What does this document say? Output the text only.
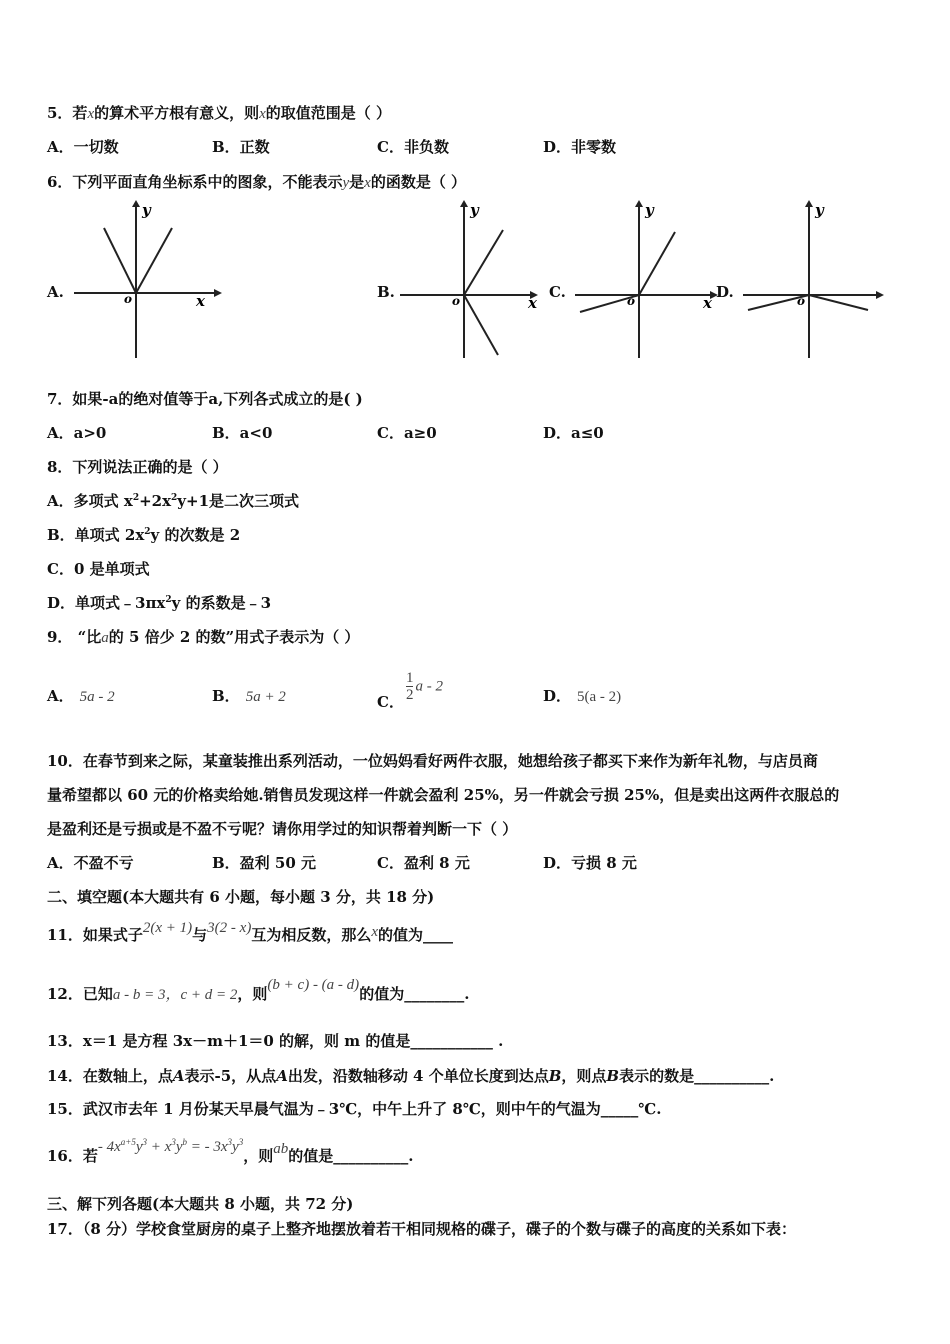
5．若x的算术平方根有意义，则x的取值范围是（ ）
A．一切数	B．正数	C．非负数	D．非零数
6．下列平面直角坐标系中的图象，不能表示y是x的函数是（ ）
A.	x
y
o	B.
x
y
o	C.
x
y
o	D.
y
o
7．如果-a的绝对值等于a,下列各式成立的是( )
A．a>0	B．a<0	C．a≥0	D．a≤0
8．下列说法正确的是（ ）
A．多项式 $x^2+2x^2y+1$是二次三项式
B．单项式 $2x^2y$ 的次数是 2
C．0 是单项式
D．单项式$﹣3\pi x^2y$ 的系数是﹣3
9． “比a的 5 倍少 2 的数”用式子表示为（ ）
A． 5a - 2	B． 5a + 2	C． $\frac{1}{2}$ a - 2
D． 5(a - 2)
10．在春节到来之际，某童装推出系列活动，一位妈妈看好两件衣服，她想给孩子都买下来作为新年礼物，与店员商
量希望都以 60 元的价格卖给她.销售员发现这样一件就会盈利 25%，另一件就会亏损 25%，但是卖出这两件衣服总的
是盈利还是亏损或是不盈不亏呢？请你用学过的知识帮着判断一下（ ）
A．不盈不亏	B．盈利 50 元	C．盈利 8 元	D．亏损 8 元
二、填空题(本大题共有 6 小题，每小题 3 分，共 18 分)
11．如果式子2(x + 1)与3(2 - x)互为相反数，那么x的值为____
12．已知a - b = 3，c + d = 2，则(b + c) - (a - d)的值为________.
13．x＝1 是方程 3x－m＋1＝0 的解，则 m 的值是___________ .
14．在数轴上，点A表示-5，从点A出发，沿数轴移动 4 个单位长度到达点B，则点B表示的数是__________.
15．武汉市去年 1 月份某天早晨气温为﹣3℃，中午上升了 8℃，则中午的气温为_____℃.
16．若- $4x^{a+5}y^3 + x^3y^b$ = - $3x^3y^3$，则ab的值是__________.
三、解下列各题(本大题共 8 小题，共 72 分)
17．（8 分）学校食堂厨房的桌子上整齐地摆放着若干相同规格的碟子，碟子的个数与碟子的高度的关系如下表：
